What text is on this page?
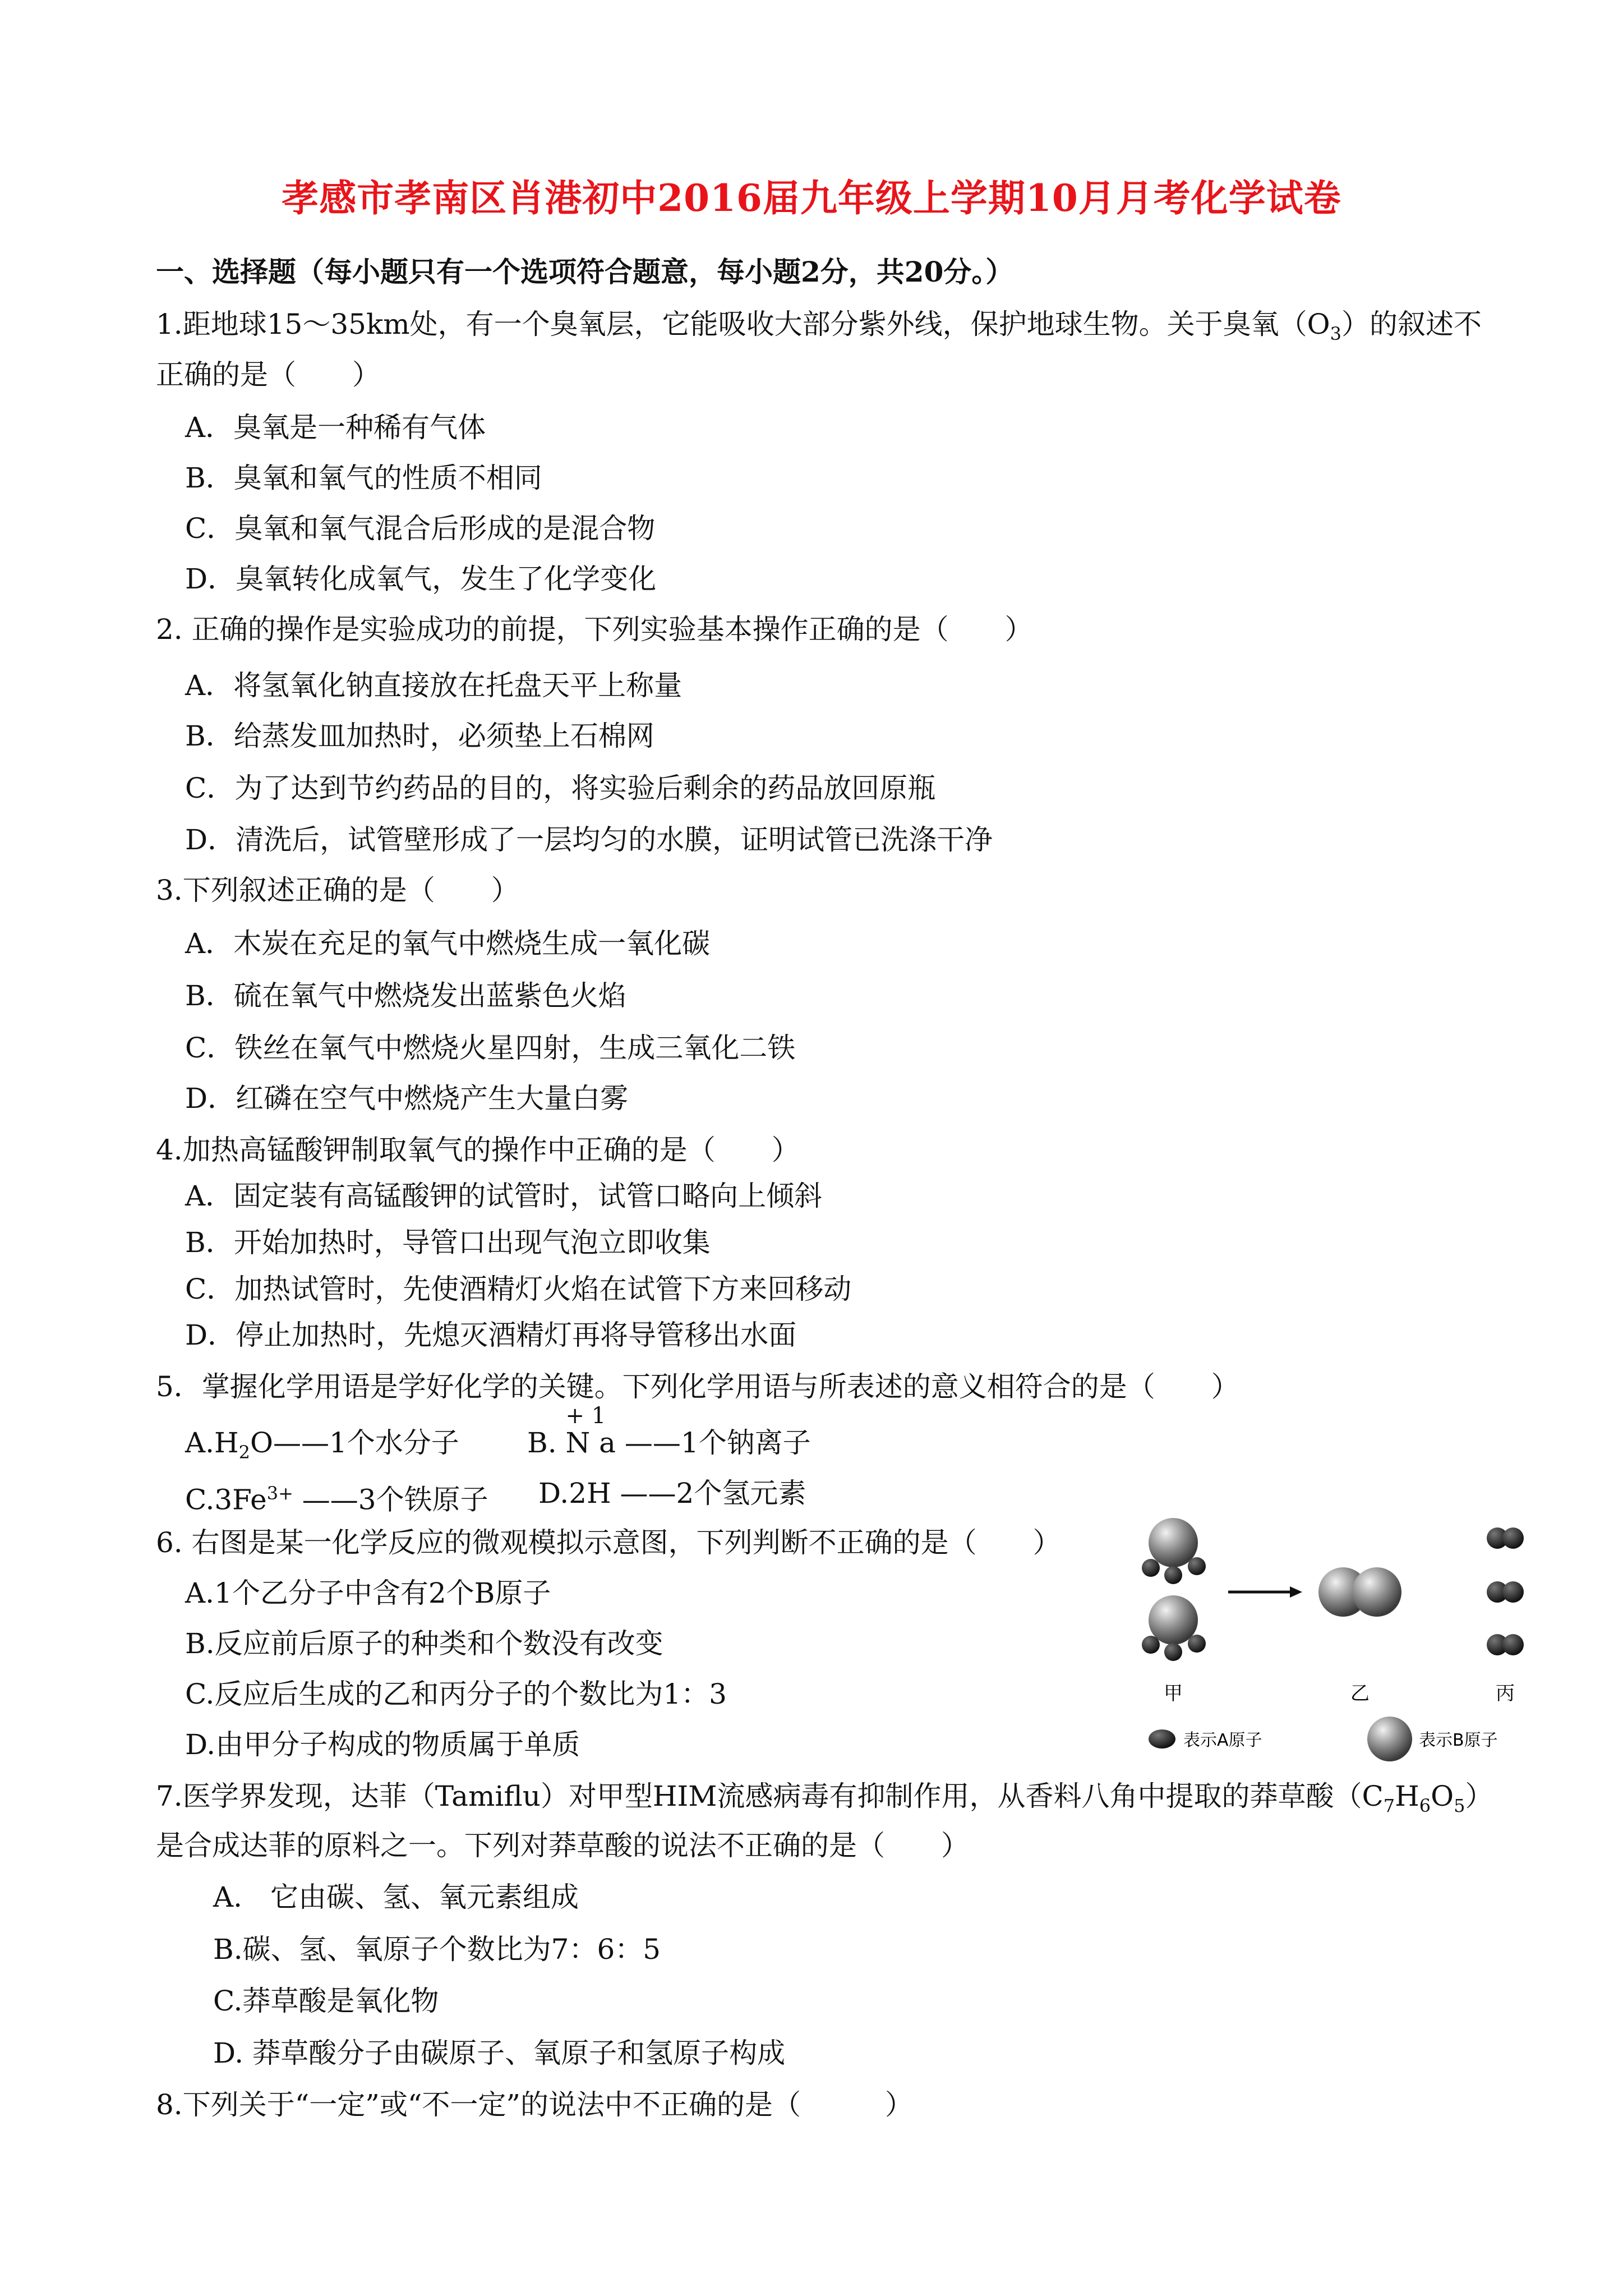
孝感市孝南区肖港初中2016届九年级上学期10月月考化学试卷
一、选择题（每小题只有一个选项符合题意，每小题2分，共20分。）
1.距地球15～35km处，有一个臭氧层，它能吸收大部分紫外线，保护地球生物。关于臭氧$(O_3)$的叙述不
正确的是（　　）
A．臭氧是一种稀有气体
B．臭氧和氧气的性质不相同
C．臭氧和氧气混合后形成的是混合物
D．臭氧转化成氧气，发生了化学变化
2. 正确的操作是实验成功的前提，下列实验基本操作正确的是（　　）
A．将氢氧化钠直接放在托盘天平上称量
B．给蒸发皿加热时，必须垫上石棉网
C．为了达到节约药品的目的，将实验后剩余的药品放回原瓶
D．清洗后，试管壁形成了一层均匀的水膜，证明试管已洗涤干净
3.下列叙述正确的是（　　）
A．木炭在充足的氧气中燃烧生成一氧化碳
B．硫在氧气中燃烧发出蓝紫色火焰
C．铁丝在氧气中燃烧火星四射，生成三氧化二铁
D．红磷在空气中燃烧产生大量白雾
4.加热高锰酸钾制取氧气的操作中正确的是（　　）
A．固定装有高锰酸钾的试管时，试管口略向上倾斜
B．开始加热时，导管口出现气泡立即收集
C．加热试管时，先使酒精灯火焰在试管下方来回移动
D．停止加热时，先熄灭酒精灯再将导管移出水面
5．掌握化学用语是学好化学的关键。下列化学用语与所表述的意义相符合的是（　　）
$A.H_2O——1$个水分子 B.
+ 1
N a ——1个钠离子
$C.3Fe^{3+}$ ——3个铁原子 D.2H ——2个氢元素
6. 右图是某一化学反应的微观模拟示意图，下列判断不正确的是（　　）
A.1个乙分子中含有2个B原子
B.反应前后原子的种类和个数没有改变
C.反应后生成的乙和丙分子的个数比为1：3
D.由甲分子构成的物质属于单质
甲	乙	丙
表示A原子	表示B原子
7.医学界发现，达菲（Tamiflu）对甲型HIM流感病毒有抑制作用，从香料八角中提取的莽草酸$(C_7H_6O_5)$
是合成达菲的原料之一。下列对莽草酸的说法不正确的是（　　）
A.　它由碳、氢、氧元素组成
B.碳、氢、氧原子个数比为7：6：5
C.莽草酸是氧化物
D. 莽草酸分子由碳原子、氧原子和氢原子构成
8.下列关于“一定”或“不一定”的说法中不正确的是（　　　）
